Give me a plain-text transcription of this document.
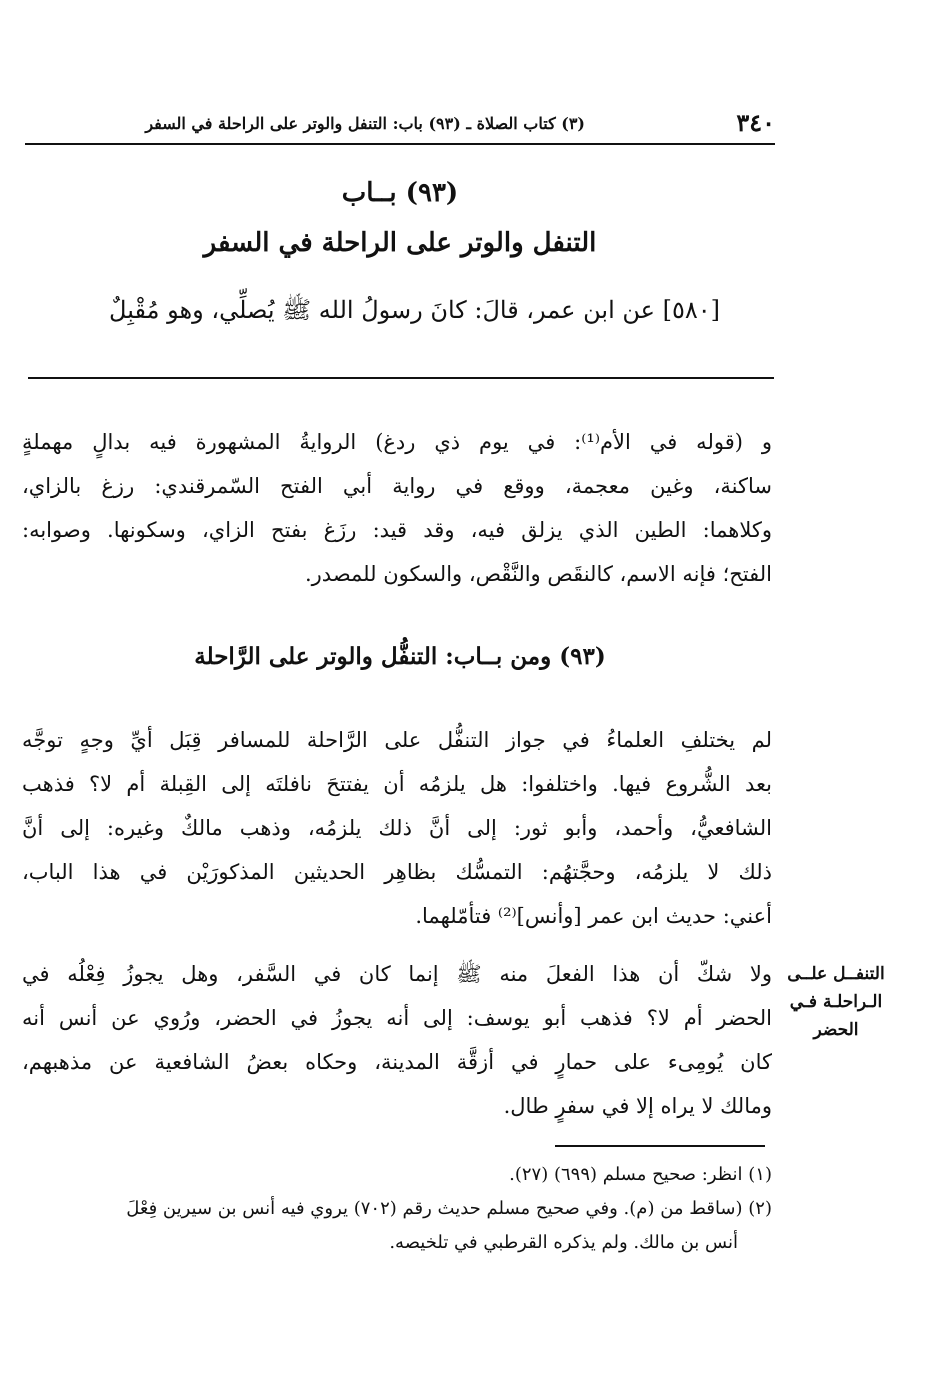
٣٤٠
(٣) كتاب الصلاة ـ (٩٣) باب: التنفل والوتر على الراحلة في السفر
(٩٣) بــاب
التنفل والوتر على الراحلة في السفر
[٥٨٠] عن ابن عمر، قالَ: كانَ رسولُ الله ﷺ يُصلِّي، وهو مُقْبِلٌ
و (قوله في الأم⁽¹⁾: في يوم ذي ردغ) الروايةُ المشهورة فيه بدالٍ مهملةٍ
ساكنة، وغين معجمة، ووقع في رواية أبي الفتح السّمرقندي: رزغ بالزاي،
وكلاهما: الطين الذي يزلق فيه، وقد قيد: رزَغ بفتح الزاي، وسكونها. وصوابه:
الفتح؛ فإنه الاسم، كالنقَص والنَّقْص، والسكون للمصدر.
(٩٣) ومن بــاب: التنفُّل والوتر على الرَّاحلة
لم يختلفِ العلماءُ في جواز التنفُّل على الرَّاحلة للمسافر قِبَل أيِّ وجهٍ توجَّه
بعد الشُّروع فيها. واختلفوا: هل يلزمُه أن يفتتحَ نافلتَه إلى القِبلة أم لا؟ فذهب
الشافعيُّ، وأحمد، وأبو ثور: إلى أنَّ ذلك يلزمُه، وذهب مالكٌ وغيره: إلى أنَّ
ذلك لا يلزمُه، وحجَّتهُم: التمسُّك بظاهِر الحديثين المذكورَيْن في هذا الباب،
أعني: حديث ابن عمر [وأنس]⁽²⁾ فتأمّلهما.
ولا شكّ أن هذا الفعلَ منه ﷺ إنما كان في السَّفر، وهل يجوزُ فِعْلُه في
الحضر أم لا؟ فذهب أبو يوسف: إلى أنه يجوزُ في الحضر، ورُوي عن أنس أنه
كان يُومِىء على حمارٍ في أزقَّة المدينة، وحكاه بعضُ الشافعية عن مذهبهم،
ومالك لا يراه إلا في سفرٍ طال.
التنفــل علــى
الـراحلـة فـي
الحضر
(١) انظر: صحيح مسلم (٦٩٩) (٢٧).
(٢) (ساقط من (م). وفي صحيح مسلم حديث رقم (٧٠٢) يروي فيه أنس بن سيرين فِعْلَ
أنس بن مالك. ولم يذكره القرطبي في تلخيصه.
